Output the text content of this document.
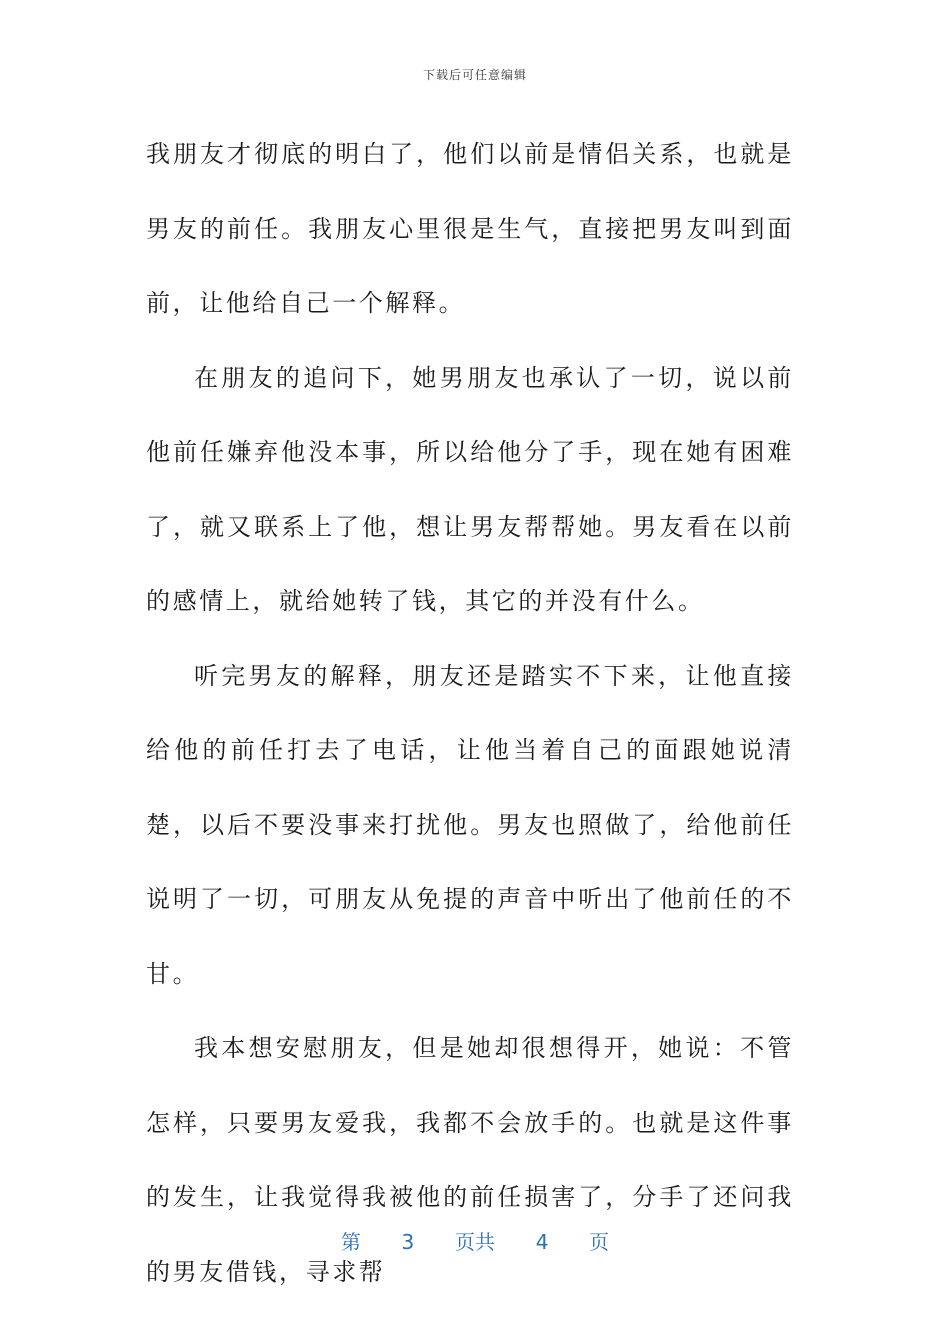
下载后可任意编辑

我朋友才彻底的明白了，他们以前是情侣关系，也就是男友的前任。我朋友心里很是生气，直接把男友叫到面前，让他给自己一个解释。

在朋友的追问下，她男朋友也承认了一切，说以前他前任嫌弃他没本事，所以给他分了手，现在她有困难了，就又联系上了他，想让男友帮帮她。男友看在以前的感情上，就给她转了钱，其它的并没有什么。

听完男友的解释，朋友还是踏实不下来，让他直接给他的前任打去了电话，让他当着自己的面跟她说清楚，以后不要没事来打扰他。男友也照做了，给他前任说明了一切，可朋友从免提的声音中听出了他前任的不甘。

我本想安慰朋友，但是她却很想得开，她说：不管怎样，只要男友爱我，我都不会放手的。也就是这件事的发生，让我觉得我被他的前任损害了，分手了还问我的男友借钱，寻求帮

第 3 页共 4 页
